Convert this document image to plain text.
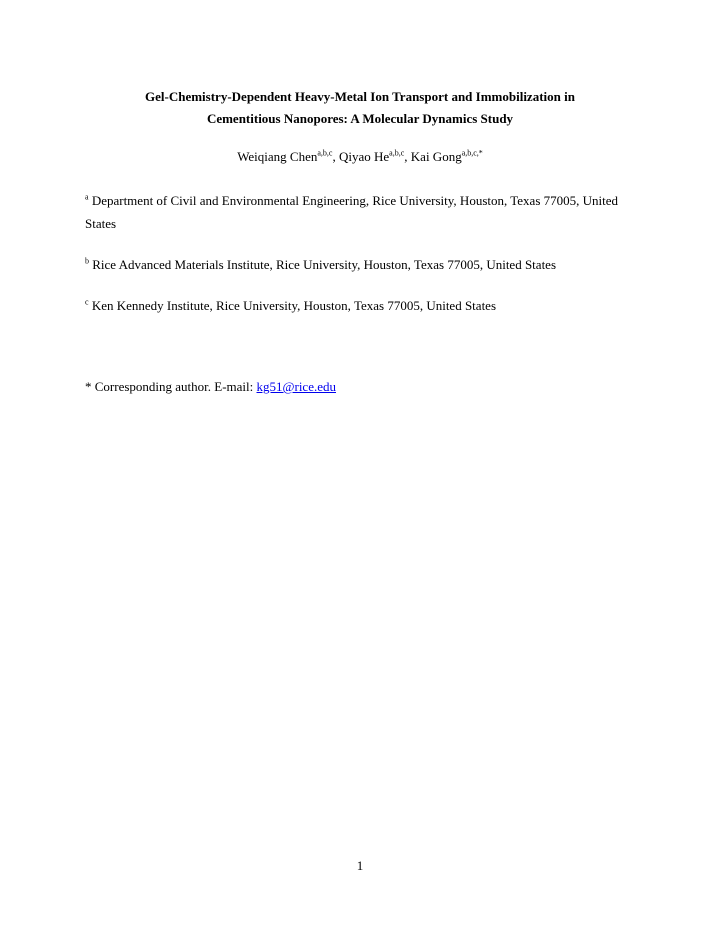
Gel-Chemistry-Dependent Heavy-Metal Ion Transport and Immobilization in
Cementitious Nanopores: A Molecular Dynamics Study
Weiqiang Chen$^{a,b,c}$, Qiyao He$^{a,b,c}$, Kai Gong$^{a,b,c,*}$
$^a$ Department of Civil and Environmental Engineering, Rice University, Houston, Texas 77005, United States
$^b$ Rice Advanced Materials Institute, Rice University, Houston, Texas 77005, United States
$^c$ Ken Kennedy Institute, Rice University, Houston, Texas 77005, United States
* Corresponding author. E-mail: kg51@rice.edu
1
